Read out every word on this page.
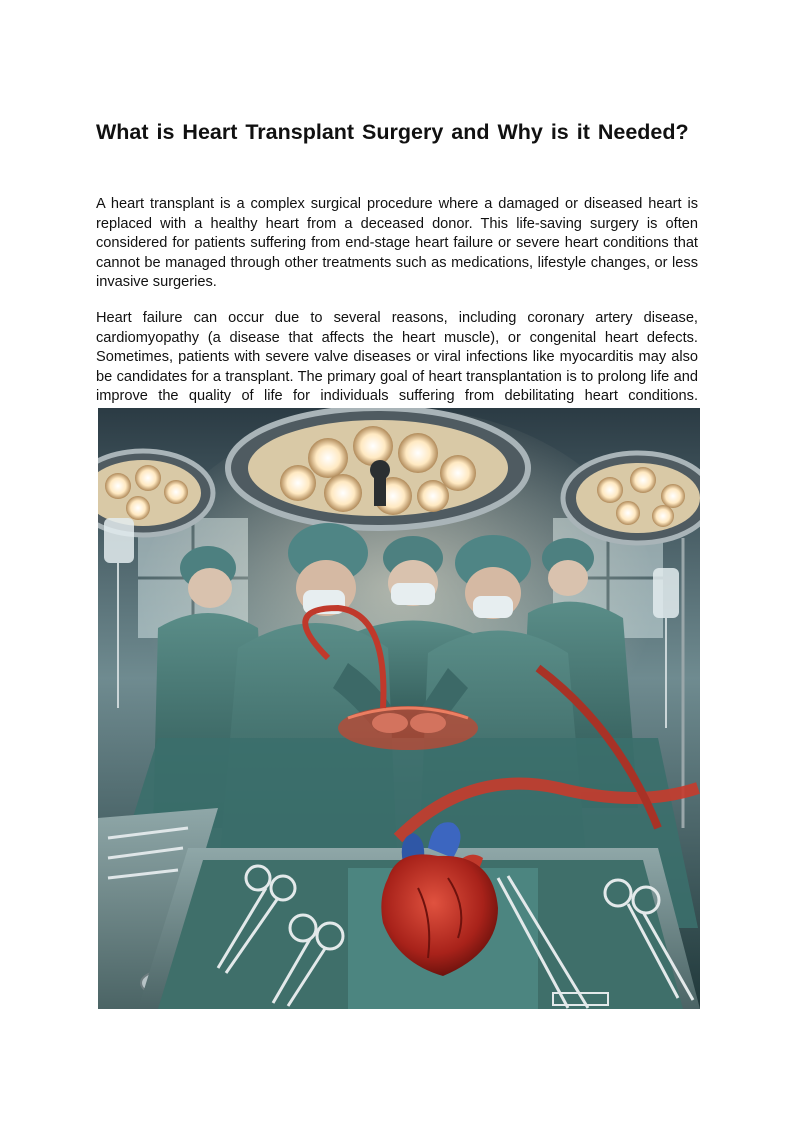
What is Heart Transplant Surgery and Why is it Needed?

A heart transplant is a complex surgical procedure where a damaged or diseased heart is replaced with a healthy heart from a deceased donor. This life-saving surgery is often considered for patients suffering from end-stage heart failure or severe heart conditions that cannot be managed through other treatments such as medications, lifestyle changes, or less invasive surgeries.

Heart failure can occur due to several reasons, including coronary artery disease, cardiomyopathy (a disease that affects the heart muscle), or congenital heart defects. Sometimes, patients with severe valve diseases or viral infections like myocarditis may also be candidates for a transplant. The primary goal of heart transplantation is to prolong life and improve the quality of life for individuals suffering from debilitating heart conditions.
